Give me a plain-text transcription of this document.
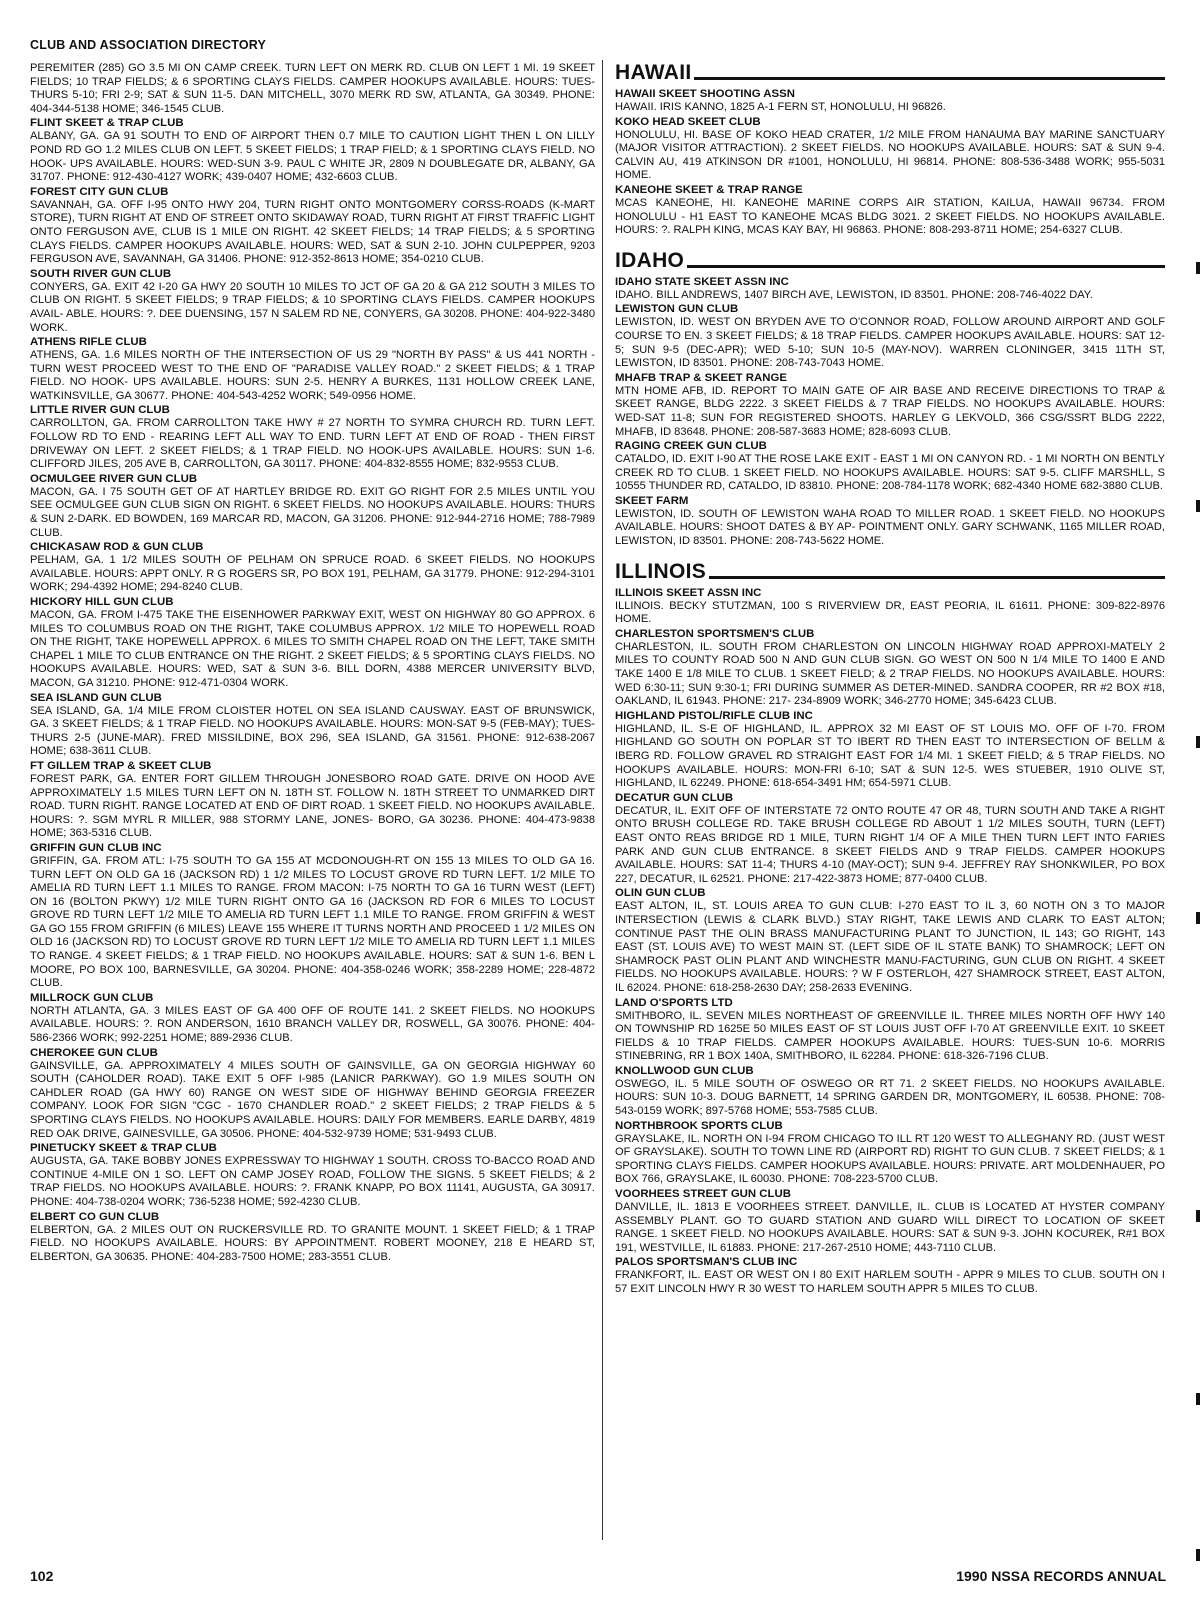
CLUB AND ASSOCIATION DIRECTORY
PEREMITER (285) GO 3.5 MI ON CAMP CREEK. TURN LEFT ON MERK RD. CLUB ON LEFT 1 MI. 19 SKEET FIELDS; 10 TRAP FIELDS; & 6 SPORTING CLAYS FIELDS. CAMPER HOOKUPS AVAILABLE. HOURS: TUES-THURS 5-10; FRI 2-9; SAT & SUN 11-5. DAN MITCHELL, 3070 MERK RD SW, ATLANTA, GA 30349. PHONE: 404-344-5138 HOME; 346-1545 CLUB.
FLINT SKEET & TRAP CLUB
ALBANY, GA. GA 91 SOUTH TO END OF AIRPORT THEN 0.7 MILE TO CAUTION LIGHT THEN L ON LILLY POND RD GO 1.2 MILES CLUB ON LEFT. 5 SKEET FIELDS; 1 TRAP FIELD; & 1 SPORTING CLAYS FIELD. NO HOOK- UPS AVAILABLE. HOURS: WED-SUN 3-9. PAUL C WHITE JR, 2809 N DOUBLEGATE DR, ALBANY, GA 31707. PHONE: 912-430-4127 WORK; 439-0407 HOME; 432-6603 CLUB.
FOREST CITY GUN CLUB
SAVANNAH, GA. OFF I-95 ONTO HWY 204, TURN RIGHT ONTO MONTGOMERY CORSS-ROADS (K-MART STORE), TURN RIGHT AT END OF STREET ONTO SKIDAWAY ROAD, TURN RIGHT AT FIRST TRAFFIC LIGHT ONTO FERGUSON AVE, CLUB IS 1 MILE ON RIGHT. 42 SKEET FIELDS; 14 TRAP FIELDS; & 5 SPORTING CLAYS FIELDS. CAMPER HOOKUPS AVAILABLE. HOURS: WED, SAT & SUN 2-10. JOHN CULPEPPER, 9203 FERGUSON AVE, SAVANNAH, GA 31406. PHONE: 912-352-8613 HOME; 354-0210 CLUB.
SOUTH RIVER GUN CLUB
CONYERS, GA. EXIT 42 I-20 GA HWY 20 SOUTH 10 MILES TO JCT OF GA 20 & GA 212 SOUTH 3 MILES TO CLUB ON RIGHT. 5 SKEET FIELDS; 9 TRAP FIELDS; & 10 SPORTING CLAYS FIELDS. CAMPER HOOKUPS AVAIL- ABLE. HOURS: ?. DEE DUENSING, 157 N SALEM RD NE, CONYERS, GA 30208. PHONE: 404-922-3480 WORK.
ATHENS RIFLE CLUB
ATHENS, GA. 1.6 MILES NORTH OF THE INTERSECTION OF US 29 "NORTH BY PASS" & US 441 NORTH - TURN WEST PROCEED WEST TO THE END OF "PARADISE VALLEY ROAD." 2 SKEET FIELDS; & 1 TRAP FIELD. NO HOOK- UPS AVAILABLE. HOURS: SUN 2-5. HENRY A BURKES, 1131 HOLLOW CREEK LANE, WATKINSVILLE, GA 30677. PHONE: 404-543-4252 WORK; 549-0956 HOME.
LITTLE RIVER GUN CLUB
CARROLLTON, GA. FROM CARROLLTON TAKE HWY # 27 NORTH TO SYMRA CHURCH RD. TURN LEFT. FOLLOW RD TO END - REARING LEFT ALL WAY TO END. TURN LEFT AT END OF ROAD - THEN FIRST DRIVEWAY ON LEFT. 2 SKEET FIELDS; & 1 TRAP FIELD. NO HOOK-UPS AVAILABLE. HOURS: SUN 1-6. CLIFFORD JILES, 205 AVE B, CARROLLTON, GA 30117. PHONE: 404-832-8555 HOME; 832-9553 CLUB.
OCMULGEE RIVER GUN CLUB
MACON, GA. I 75 SOUTH GET OF AT HARTLEY BRIDGE RD. EXIT GO RIGHT FOR 2.5 MILES UNTIL YOU SEE OCMULGEE GUN CLUB SIGN ON RIGHT. 6 SKEET FIELDS. NO HOOKUPS AVAILABLE. HOURS: THURS & SUN 2-DARK. ED BOWDEN, 169 MARCAR RD, MACON, GA 31206. PHONE: 912-944-2716 HOME; 788-7989 CLUB.
CHICKASAW ROD & GUN CLUB
PELHAM, GA. 1 1/2 MILES SOUTH OF PELHAM ON SPRUCE ROAD. 6 SKEET FIELDS. NO HOOKUPS AVAILABLE. HOURS: APPT ONLY. R G ROGERS SR, PO BOX 191, PELHAM, GA 31779. PHONE: 912-294-3101 WORK; 294-4392 HOME; 294-8240 CLUB.
HICKORY HILL GUN CLUB
MACON, GA. FROM I-475 TAKE THE EISENHOWER PARKWAY EXIT, WEST ON HIGHWAY 80 GO APPROX. 6 MILES TO COLUMBUS ROAD ON THE RIGHT, TAKE COLUMBUS APPROX. 1/2 MILE TO HOPEWELL ROAD ON THE RIGHT, TAKE HOPEWELL APPROX. 6 MILES TO SMITH CHAPEL ROAD ON THE LEFT, TAKE SMITH CHAPEL 1 MILE TO CLUB ENTRANCE ON THE RIGHT. 2 SKEET FIELDS; & 5 SPORTING CLAYS FIELDS. NO HOOKUPS AVAILABLE. HOURS: WED, SAT & SUN 3-6. BILL DORN, 4388 MERCER UNIVERSITY BLVD, MACON, GA 31210. PHONE: 912-471-0304 WORK.
SEA ISLAND GUN CLUB
SEA ISLAND, GA. 1/4 MILE FROM CLOISTER HOTEL ON SEA ISLAND CAUSWAY. EAST OF BRUNSWICK, GA. 3 SKEET FIELDS; & 1 TRAP FIELD. NO HOOKUPS AVAILABLE. HOURS: MON-SAT 9-5 (FEB-MAY); TUES-THURS 2-5 (JUNE-MAR). FRED MISSILDINE, BOX 296, SEA ISLAND, GA 31561. PHONE: 912-638-2067 HOME; 638-3611 CLUB.
FT GILLEM TRAP & SKEET CLUB
FOREST PARK, GA. ENTER FORT GILLEM THROUGH JONESBORO ROAD GATE. DRIVE ON HOOD AVE APPROXIMATELY 1.5 MILES TURN LEFT ON N. 18TH ST. FOLLOW N. 18TH STREET TO UNMARKED DIRT ROAD. TURN RIGHT. RANGE LOCATED AT END OF DIRT ROAD. 1 SKEET FIELD. NO HOOKUPS AVAILABLE. HOURS: ?. SGM MYRL R MILLER, 988 STORMY LANE, JONES- BORO, GA 30236. PHONE: 404-473-9838 HOME; 363-5316 CLUB.
GRIFFIN GUN CLUB INC
GRIFFIN, GA. FROM ATL: I-75 SOUTH TO GA 155 AT MCDONOUGH-RT ON 155 13 MILES TO OLD GA 16. TURN LEFT ON OLD GA 16 (JACKSON RD) 1 1/2 MILES TO LOCUST GROVE RD TURN LEFT. 1/2 MILE TO AMELIA RD TURN LEFT 1.1 MILES TO RANGE. FROM MACON: I-75 NORTH TO GA 16 TURN WEST (LEFT) ON 16 (BOLTON PKWY) 1/2 MILE TURN RIGHT ONTO GA 16 (JACKSON RD FOR 6 MILES TO LOCUST GROVE RD TURN LEFT 1/2 MILE TO AMELIA RD TURN LEFT 1.1 MILE TO RANGE. FROM GRIFFIN & WEST GA GO 155 FROM GRIFFIN (6 MILES) LEAVE 155 WHERE IT TURNS NORTH AND PROCEED 1 1/2 MILES ON OLD 16 (JACKSON RD) TO LOCUST GROVE RD TURN LEFT 1/2 MILE TO AMELIA RD TURN LEFT 1.1 MILES TO RANGE. 4 SKEET FIELDS; & 1 TRAP FIELD. NO HOOKUPS AVAILABLE. HOURS: SAT & SUN 1-6. BEN L MOORE, PO BOX 100, BARNESVILLE, GA 30204. PHONE: 404-358-0246 WORK; 358-2289 HOME; 228-4872 CLUB.
MILLROCK GUN CLUB
NORTH ATLANTA, GA. 3 MILES EAST OF GA 400 OFF OF ROUTE 141. 2 SKEET FIELDS. NO HOOKUPS AVAILABLE. HOURS: ?. RON ANDERSON, 1610 BRANCH VALLEY DR, ROSWELL, GA 30076. PHONE: 404-586-2366 WORK; 992-2251 HOME; 889-2936 CLUB.
CHEROKEE GUN CLUB
GAINSVILLE, GA. APPROXIMATELY 4 MILES SOUTH OF GAINSVILLE, GA ON GEORGIA HIGHWAY 60 SOUTH (CAHOLDER ROAD). TAKE EXIT 5 OFF I-985 (LANICR PARKWAY). GO 1.9 MILES SOUTH ON CAHDLER ROAD (GA HWY 60) RANGE ON WEST SIDE OF HIGHWAY BEHIND GEORGIA FREEZER COMPANY. LOOK FOR SIGN "CGC - 1670 CHANDLER ROAD." 2 SKEET FIELDS; 2 TRAP FIELDS & 5 SPORTING CLAYS FIELDS. NO HOOKUPS AVAILABLE. HOURS: DAILY FOR MEMBERS. EARLE DARBY, 4819 RED OAK DRIVE, GAINESVILLE, GA 30506. PHONE: 404-532-9739 HOME; 531-9493 CLUB.
PINETUCKY SKEET & TRAP CLUB
AUGUSTA, GA. TAKE BOBBY JONES EXPRESSWAY TO HIGHWAY 1 SOUTH. CROSS TO-BACCO ROAD AND CONTINUE 4-MILE ON 1 SO. LEFT ON CAMP JOSEY ROAD, FOLLOW THE SIGNS. 5 SKEET FIELDS; & 2 TRAP FIELDS. NO HOOKUPS AVAILABLE. HOURS: ?. FRANK KNAPP, PO BOX 11141, AUGUSTA, GA 30917. PHONE: 404-738-0204 WORK; 736-5238 HOME; 592-4230 CLUB.
ELBERT CO GUN CLUB
ELBERTON, GA. 2 MILES OUT ON RUCKERSVILLE RD. TO GRANITE MOUNT. 1 SKEET FIELD; & 1 TRAP FIELD. NO HOOKUPS AVAILABLE. HOURS: BY APPOINTMENT. ROBERT MOONEY, 218 E HEARD ST, ELBERTON, GA 30635. PHONE: 404-283-7500 HOME; 283-3551 CLUB.
HAWAII
HAWAII SKEET SHOOTING ASSN
HAWAII. IRIS KANNO, 1825 A-1 FERN ST, HONOLULU, HI 96826.
KOKO HEAD SKEET CLUB
HONOLULU, HI. BASE OF KOKO HEAD CRATER, 1/2 MILE FROM HANAUMA BAY MARINE SANCTUARY (MAJOR VISITOR ATTRACTION). 2 SKEET FIELDS. NO HOOKUPS AVAILABLE. HOURS: SAT & SUN 9-4. CALVIN AU, 419 ATKINSON DR #1001, HONOLULU, HI 96814. PHONE: 808-536-3488 WORK; 955-5031 HOME.
KANEOHE SKEET & TRAP RANGE
MCAS KANEOHE, HI. KANEOHE MARINE CORPS AIR STATION, KAILUA, HAWAII 96734. FROM HONOLULU - H1 EAST TO KANEOHE MCAS BLDG 3021. 2 SKEET FIELDS. NO HOOKUPS AVAILABLE. HOURS: ?. RALPH KING, MCAS KAY BAY, HI 96863. PHONE: 808-293-8711 HOME; 254-6327 CLUB.
IDAHO
IDAHO STATE SKEET ASSN INC
IDAHO. BILL ANDREWS, 1407 BIRCH AVE, LEWISTON, ID 83501. PHONE: 208-746-4022 DAY.
LEWISTON GUN CLUB
LEWISTON, ID. WEST ON BRYDEN AVE TO O'CONNOR ROAD, FOLLOW AROUND AIRPORT AND GOLF COURSE TO EN. 3 SKEET FIELDS; & 18 TRAP FIELDS. CAMPER HOOKUPS AVAILABLE. HOURS: SAT 12-5; SUN 9-5 (DEC-APR); WED 5-10; SUN 10-5 (MAY-NOV). WARREN CLONINGER, 3415 11TH ST, LEWISTON, ID 83501. PHONE: 208-743-7043 HOME.
MHAFB TRAP & SKEET RANGE
MTN HOME AFB, ID. REPORT TO MAIN GATE OF AIR BASE AND RECEIVE DIRECTIONS TO TRAP & SKEET RANGE, BLDG 2222. 3 SKEET FIELDS & 7 TRAP FIELDS. NO HOOKUPS AVAILABLE. HOURS: WED-SAT 11-8; SUN FOR REGISTERED SHOOTS. HARLEY G LEKVOLD, 366 CSG/SSRT BLDG 2222, MHAFB, ID 83648. PHONE: 208-587-3683 HOME; 828-6093 CLUB.
RAGING CREEK GUN CLUB
CATALDO, ID. EXIT I-90 AT THE ROSE LAKE EXIT - EAST 1 MI ON CANYON RD. - 1 MI NORTH ON BENTLY CREEK RD TO CLUB. 1 SKEET FIELD. NO HOOKUPS AVAILABLE. HOURS: SAT 9-5. CLIFF MARSHLL, S 10555 THUNDER RD, CATALDO, ID 83810. PHONE: 208-784-1178 WORK; 682-4340 HOME 682-3880 CLUB.
SKEET FARM
LEWISTON, ID. SOUTH OF LEWISTON WAHA ROAD TO MILLER ROAD. 1 SKEET FIELD. NO HOOKUPS AVAILABLE. HOURS: SHOOT DATES & BY AP- POINTMENT ONLY. GARY SCHWANK, 1165 MILLER ROAD, LEWISTON, ID 83501. PHONE: 208-743-5622 HOME.
ILLINOIS
ILLINOIS SKEET ASSN INC
ILLINOIS. BECKY STUTZMAN, 100 S RIVERVIEW DR, EAST PEORIA, IL 61611. PHONE: 309-822-8976 HOME.
CHARLESTON SPORTSMEN'S CLUB
CHARLESTON, IL. SOUTH FROM CHARLESTON ON LINCOLN HIGHWAY ROAD APPROXI-MATELY 2 MILES TO COUNTY ROAD 500 N AND GUN CLUB SIGN. GO WEST ON 500 N 1/4 MILE TO 1400 E AND TAKE 1400 E 1/8 MILE TO CLUB. 1 SKEET FIELD; & 2 TRAP FIELDS. NO HOOKUPS AVAILABLE. HOURS: WED 6:30-11; SUN 9:30-1; FRI DURING SUMMER AS DETER-MINED. SANDRA COOPER, RR #2 BOX #18, OAKLAND, IL 61943. PHONE: 217- 234-8909 WORK; 346-2770 HOME; 345-6423 CLUB.
HIGHLAND PISTOL/RIFLE CLUB INC
HIGHLAND, IL. S-E OF HIGHLAND, IL. APPROX 32 MI EAST OF ST LOUIS MO. OFF OF I-70. FROM HIGHLAND GO SOUTH ON POPLAR ST TO IBERT RD THEN EAST TO INTERSECTION OF BELLM & IBERG RD. FOLLOW GRAVEL RD STRAIGHT EAST FOR 1/4 MI. 1 SKEET FIELD; & 5 TRAP FIELDS. NO HOOKUPS AVAILABLE. HOURS: MON-FRI 6-10; SAT & SUN 12-5. WES STUEBER, 1910 OLIVE ST, HIGHLAND, IL 62249. PHONE: 618-654-3491 HM; 654-5971 CLUB.
DECATUR GUN CLUB
DECATUR, IL. EXIT OFF OF INTERSTATE 72 ONTO ROUTE 47 OR 48, TURN SOUTH AND TAKE A RIGHT ONTO BRUSH COLLEGE RD. TAKE BRUSH COLLEGE RD ABOUT 1 1/2 MILES SOUTH, TURN (LEFT) EAST ONTO REAS BRIDGE RD 1 MILE, TURN RIGHT 1/4 OF A MILE THEN TURN LEFT INTO FARIES PARK AND GUN CLUB ENTRANCE. 8 SKEET FIELDS AND 9 TRAP FIELDS. CAMPER HOOKUPS AVAILABLE. HOURS: SAT 11-4; THURS 4-10 (MAY-OCT); SUN 9-4. JEFFREY RAY SHONKWILER, PO BOX 227, DECATUR, IL 62521. PHONE: 217-422-3873 HOME; 877-0400 CLUB.
OLIN GUN CLUB
EAST ALTON, IL, ST. LOUIS AREA TO GUN CLUB: I-270 EAST TO IL 3, 60 NOTH ON 3 TO MAJOR INTERSECTION (LEWIS & CLARK BLVD.) STAY RIGHT, TAKE LEWIS AND CLARK TO EAST ALTON; CONTINUE PAST THE OLIN BRASS MANUFACTURING PLANT TO JUNCTION, IL 143; GO RIGHT, 143 EAST (ST. LOUIS AVE) TO WEST MAIN ST. (LEFT SIDE OF IL STATE BANK) TO SHAMROCK; LEFT ON SHAMROCK PAST OLIN PLANT AND WINCHESTR MANU-FACTURING, GUN CLUB ON RIGHT. 4 SKEET FIELDS. NO HOOKUPS AVAILABLE. HOURS: ? W F OSTERLOH, 427 SHAMROCK STREET, EAST ALTON, IL 62024. PHONE: 618-258-2630 DAY; 258-2633 EVENING.
LAND O'SPORTS LTD
SMITHBORO, IL. SEVEN MILES NORTHEAST OF GREENVILLE IL. THREE MILES NORTH OFF HWY 140 ON TOWNSHIP RD 1625E 50 MILES EAST OF ST LOUIS JUST OFF I-70 AT GREENVILLE EXIT. 10 SKEET FIELDS & 10 TRAP FIELDS. CAMPER HOOKUPS AVAILABLE. HOURS: TUES-SUN 10-6. MORRIS STINEBRING, RR 1 BOX 140A, SMITHBORO, IL 62284. PHONE: 618-326-7196 CLUB.
KNOLLWOOD GUN CLUB
OSWEGO, IL. 5 MILE SOUTH OF OSWEGO OR RT 71. 2 SKEET FIELDS. NO HOOKUPS AVAILABLE. HOURS: SUN 10-3. DOUG BARNETT, 14 SPRING GARDEN DR, MONTGOMERY, IL 60538. PHONE: 708-543-0159 WORK; 897-5768 HOME; 553-7585 CLUB.
NORTHBROOK SPORTS CLUB
GRAYSLAKE, IL. NORTH ON I-94 FROM CHICAGO TO ILL RT 120 WEST TO ALLEGHANY RD. (JUST WEST OF GRAYSLAKE). SOUTH TO TOWN LINE RD (AIRPORT RD) RIGHT TO GUN CLUB. 7 SKEET FIELDS; & 1 SPORTING CLAYS FIELDS. CAMPER HOOKUPS AVAILABLE. HOURS: PRIVATE. ART MOLDENHAUER, PO BOX 766, GRAYSLAKE, IL 60030. PHONE: 708-223-5700 CLUB.
VOORHEES STREET GUN CLUB
DANVILLE, IL. 1813 E VOORHEES STREET. DANVILLE, IL. CLUB IS LOCATED AT HYSTER COMPANY ASSEMBLY PLANT. GO TO GUARD STATION AND GUARD WILL DIRECT TO LOCATION OF SKEET RANGE. 1 SKEET FIELD. NO HOOKUPS AVAILABLE. HOURS: SAT & SUN 9-3. JOHN KOCUREK, R#1 BOX 191, WESTVILLE, IL 61883. PHONE: 217-267-2510 HOME; 443-7110 CLUB.
PALOS SPORTSMAN'S CLUB INC
FRANKFORT, IL. EAST OR WEST ON I 80 EXIT HARLEM SOUTH - APPR 9 MILES TO CLUB. SOUTH ON I 57 EXIT LINCOLN HWY R 30 WEST TO HARLEM SOUTH APPR 5 MILES TO CLUB.
102	1990 NSSA RECORDS ANNUAL
